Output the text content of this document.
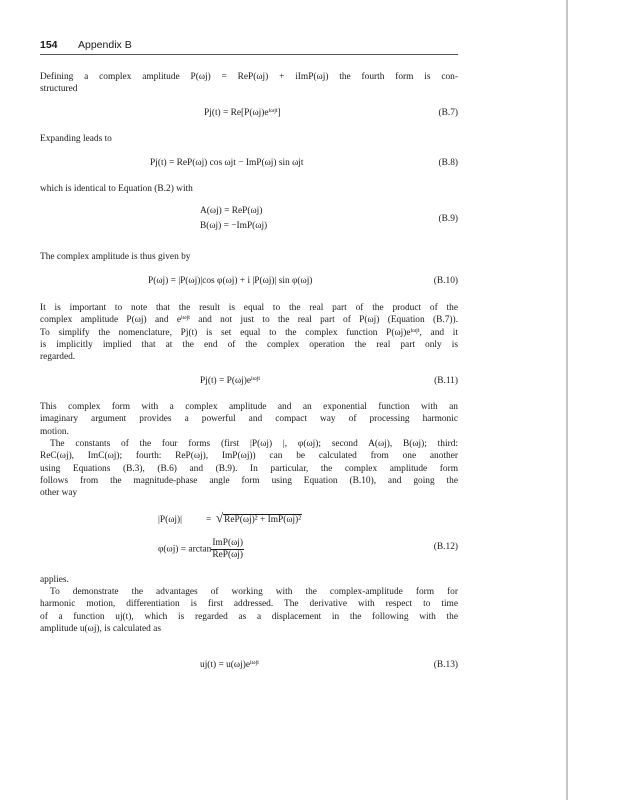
154 Appendix B
Defining a complex amplitude P(ωj) = ReP(ωj) + iImP(ωj) the fourth form is con-
structured
$Pj(t) = Re[P(\omega j)e^{i\omega jt}]$	(B.7)
Expanding leads to
Pj(t) = ReP(ωj) cos ωjt − ImP(ωj) sin ωjt	(B.8)
which is identical to Equation (B.2) with
A(ωj) = ReP(ωj)
B(ωj) = −ImP(ωj)
(B.9)
The complex amplitude is thus given by
P(ωj) = |P(ωj)|cos φ(ωj) + i |P(ωj)| sin φ(ωj)	(B.10)
It is important to note that the result is equal to the real part of the product of the
complex amplitude P(ωj) and $e^{i\omega jt}$ and not just to the real part of P(ωj) (Equation (B.7)).
To simplify the nomenclature, Pj(t) is set equal to the complex function $P(\omega j)e^{i\omega jt}$, and it
is implicitly implied that at the end of the complex operation the real part only is
regarded.
$Pj(t) = P(\omega j)e^{i\omega jt}$	(B.11)
This complex form with a complex amplitude and an exponential function with an
imaginary argument provides a powerful and compact way of processing harmonic
motion.
The constants of the four forms (first |P(ωj) |, φ(ωj); second A(ωj), B(ωj); third:
ReC(ωj), ImC(ωj); fourth: ReP(ωj), ImP(ωj)) can be calculated from one another
using Equations (B.3), (B.6) and (B.9). In particular, the complex amplitude form
follows from the magnitude-phase angle form using Equation (B.10), and going the
other way
|P(ωj)|	= √ReP(ωj)² + ImP(ωj)²
$\varphi(\omega j) = \arctan \frac{\text{ImP(ωj)}}{\text{ReP(ωj)}}$	(B.12)
applies.
To demonstrate the advantages of working with the complex-amplitude form for
harmonic motion, differentiation is first addressed. The derivative with respect to time
of a function uj(t), which is regarded as a displacement in the following with the
amplitude u(ωj), is calculated as
$uj(t) = u(\omega j)e^{i\omega jt}$	(B.13)
